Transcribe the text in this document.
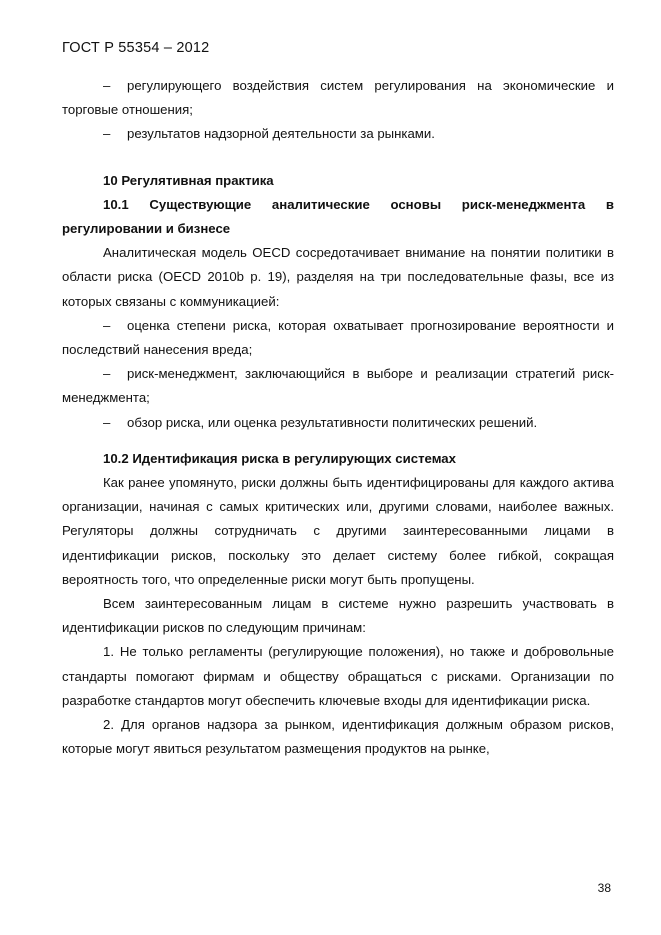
ГОСТ Р 55354 – 2012

– регулирующего воздействия систем регулирования на экономические и торговые отношения;

– результатов надзорной деятельности за рынками.

10 Регулятивная практика

10.1 Существующие аналитические основы риск-менеджмента в регулировании и бизнесе

Аналитическая модель OECD сосредотачивает внимание на понятии политики в области риска (OECD 2010b p. 19), разделяя на три последовательные фазы, все из которых связаны с коммуникацией:

– оценка степени риска, которая охватывает прогнозирование вероятности и последствий нанесения вреда;

– риск-менеджмент, заключающийся в выборе и реализации стратегий риск-менеджмента;

– обзор риска, или оценка результативности политических решений.

10.2 Идентификация риска в регулирующих системах

Как ранее упомянуто, риски должны быть идентифицированы для каждого актива организации, начиная с самых критических или, другими словами, наиболее важных. Регуляторы должны сотрудничать с другими заинтересованными лицами в идентификации рисков, поскольку это делает систему более гибкой, сокращая вероятность того, что определенные риски могут быть пропущены.

Всем заинтересованным лицам в системе нужно разрешить участвовать в идентификации рисков по следующим причинам:

1. Не только регламенты (регулирующие положения), но также и добровольные стандарты помогают фирмам и обществу обращаться с рисками. Организации по разработке стандартов могут обеспечить ключевые входы для идентификации риска.

2. Для органов надзора за рынком, идентификация должным образом рисков, которые могут явиться результатом размещения продуктов на рынке,

38
